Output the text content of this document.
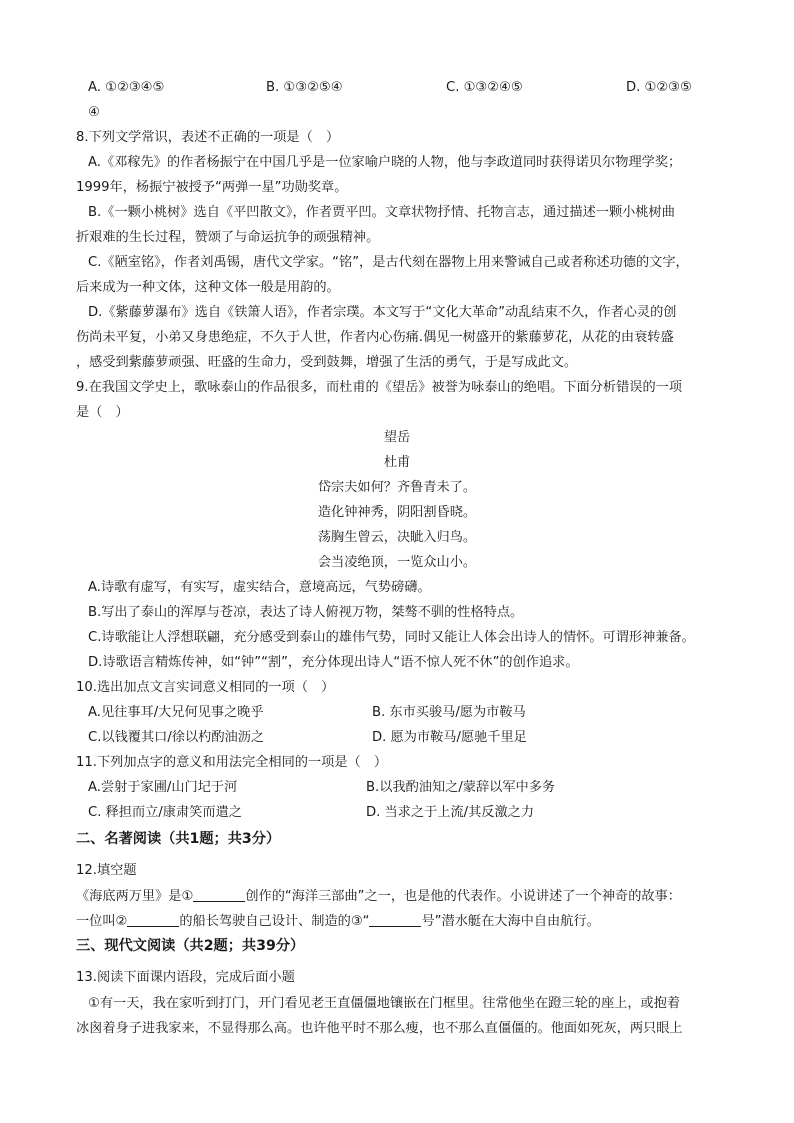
A. ①②③④⑤	B. ①③②⑤④	C. ①③②④⑤	D. ①②③⑤
④
8.下列文学常识，表述不正确的一项是（　）
A.《邓稼先》的作者杨振宁在中国几乎是一位家喻户晓的人物，他与李政道同时获得诺贝尔物理学奖；
1999年，杨振宁被授予“两弹一星”功勋奖章。
B.《一颗小桃树》选自《平凹散文》，作者贾平凹。文章状物抒情、托物言志，通过描述一颗小桃树曲
折艰难的生长过程，赞颂了与命运抗争的顽强精神。
C.《陋室铭》，作者刘禹锡，唐代文学家。“铭”，是古代刻在器物上用来警诫自己或者称述功德的文字，
后来成为一种文体，这种文体一般是用韵的。
D.《紫藤萝瀑布》选自《铁箫人语》，作者宗璞。本文写于“文化大革命”动乱结束不久，作者心灵的创
伤尚未平复，小弟又身患绝症，不久于人世，作者内心伤痛.偶见一树盛开的紫藤萝花，从花的由衰转盛
，感受到紫藤萝顽强、旺盛的生命力，受到鼓舞，增强了生活的勇气，于是写成此文。
9.在我国文学史上，歌咏泰山的作品很多，而杜甫的《望岳》被誉为咏泰山的绝唱。下面分析错误的一项
是（　）
望岳
杜甫
岱宗夫如何？齐鲁青未了。
造化钟神秀，阴阳割昏晓。
荡胸生曾云，决眦入归鸟。
会当凌绝顶，一览众山小。
A.诗歌有虚写，有实写，虚实结合，意境高远，气势磅礴。
B.写出了泰山的浑厚与苍凉，表达了诗人俯视万物，桀骜不驯的性格特点。
C.诗歌能让人浮想联翩，充分感受到泰山的雄伟气势，同时又能让人体会出诗人的情怀。可谓形神兼备。
D.诗歌语言精炼传神，如“钟”“割”，充分体现出诗人“语不惊人死不休”的创作追求。
10.选出加点文言实词意义相同的一项（　）
A.见往事耳/大兄何见事之晚乎	B. 东市买骏马/愿为市鞍马
C.以钱覆其口/徐以杓酌油沥之	D. 愿为市鞍马/愿驰千里足
11.下列加点字的意义和用法完全相同的一项是（　）
A.尝射于家圃/山门圮于河	B.以我酌油知之/蒙辞以军中多务
C. 释担而立/康肃笑而遣之	D. 当求之于上流/其反激之力
二、名著阅读（共1题；共3分）
12.填空题
《海底两万里》是①	创作的“海洋三部曲”之一，也是他的代表作。小说讲述了一个神奇的故事：
一位叫②	的船长驾驶自己设计、制造的③“	号”潜水艇在大海中自由航行。
三、现代文阅读（共2题；共39分）
13.阅读下面课内语段，完成后面小题
①有一天，我在家听到打门，开门看见老王直僵僵地镶嵌在门框里。往常他坐在蹬三轮的座上，或抱着
冰囪着身子进我家来，不显得那么高。也许他平时不那么瘦，也不那么直僵僵的。他面如死灰，两只眼上
